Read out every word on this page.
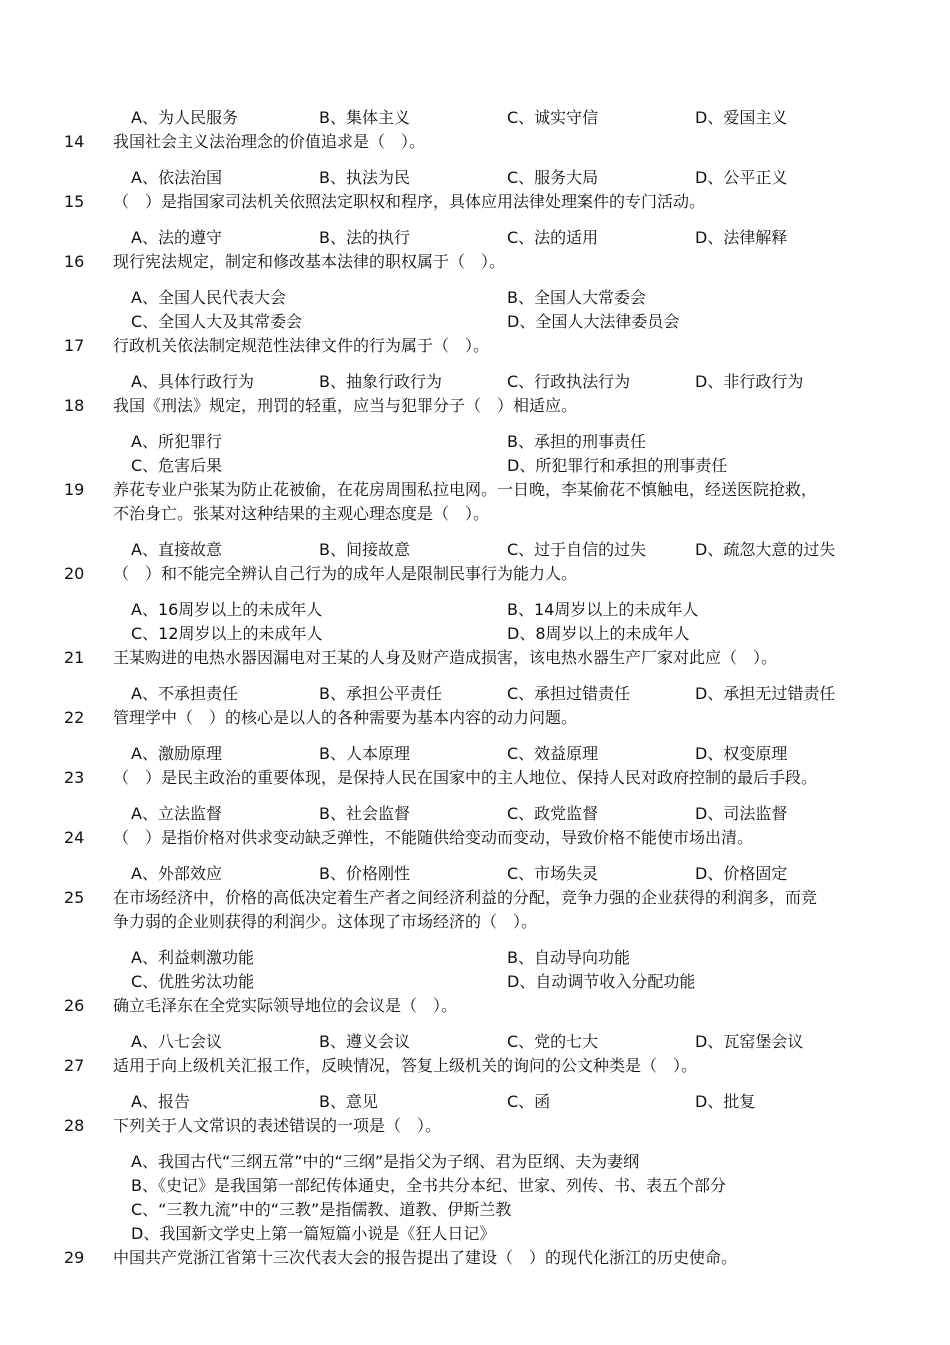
A、为人民服务	B、集体主义	C、诚实守信	D、爱国主义
14	我国社会主义法治理念的价值追求是（　）。
A、依法治国	B、执法为民	C、服务大局	D、公平正义
15	（　）是指国家司法机关依照法定职权和程序，具体应用法律处理案件的专门活动。
A、法的遵守	B、法的执行	C、法的适用	D、法律解释
16	现行宪法规定，制定和修改基本法律的职权属于（　）。
A、全国人民代表大会	B、全国人大常委会
C、全国人大及其常委会	D、全国人大法律委员会
17	行政机关依法制定规范性法律文件的行为属于（　）。
A、具体行政行为	B、抽象行政行为	C、行政执法行为	D、非行政行为
18	我国《刑法》规定，刑罚的轻重，应当与犯罪分子（　）相适应。
A、所犯罪行	B、承担的刑事责任
C、危害后果	D、所犯罪行和承担的刑事责任
19	养花专业户张某为防止花被偷，在花房周围私拉电网。一日晚，李某偷花不慎触电，经送医院抢救，
不治身亡。张某对这种结果的主观心理态度是（　）。
A、直接故意	B、间接故意	C、过于自信的过失	D、疏忽大意的过失
20	（　）和不能完全辨认自己行为的成年人是限制民事行为能力人。
A、16周岁以上的未成年人	B、14周岁以上的未成年人
C、12周岁以上的未成年人	D、8周岁以上的未成年人
21	王某购进的电热水器因漏电对王某的人身及财产造成损害，该电热水器生产厂家对此应（　）。
A、不承担责任	B、承担公平责任	C、承担过错责任	D、承担无过错责任
22	管理学中（　）的核心是以人的各种需要为基本内容的动力问题。
A、激励原理	B、人本原理	C、效益原理	D、权变原理
23	（　）是民主政治的重要体现，是保持人民在国家中的主人地位、保持人民对政府控制的最后手段。
A、立法监督	B、社会监督	C、政党监督	D、司法监督
24	（　）是指价格对供求变动缺乏弹性，不能随供给变动而变动，导致价格不能使市场出清。
A、外部效应	B、价格刚性	C、市场失灵	D、价格固定
25	在市场经济中，价格的高低决定着生产者之间经济利益的分配，竞争力强的企业获得的利润多，而竞
争力弱的企业则获得的利润少。这体现了市场经济的（　）。
A、利益刺激功能	B、自动导向功能
C、优胜劣汰功能	D、自动调节收入分配功能
26	确立毛泽东在全党实际领导地位的会议是（　）。
A、八七会议	B、遵义会议	C、党的七大	D、瓦窑堡会议
27	适用于向上级机关汇报工作，反映情况，答复上级机关的询问的公文种类是（　）。
A、报告	B、意见	C、函	D、批复
28	下列关于人文常识的表述错误的一项是（　）。
A、我国古代“三纲五常”中的“三纲”是指父为子纲、君为臣纲、夫为妻纲
B、《史记》是我国第一部纪传体通史，全书共分本纪、世家、列传、书、表五个部分
C、“三教九流”中的“三教”是指儒教、道教、伊斯兰教
D、我国新文学史上第一篇短篇小说是《狂人日记》
29	中国共产党浙江省第十三次代表大会的报告提出了建设（　）的现代化浙江的历史使命。
